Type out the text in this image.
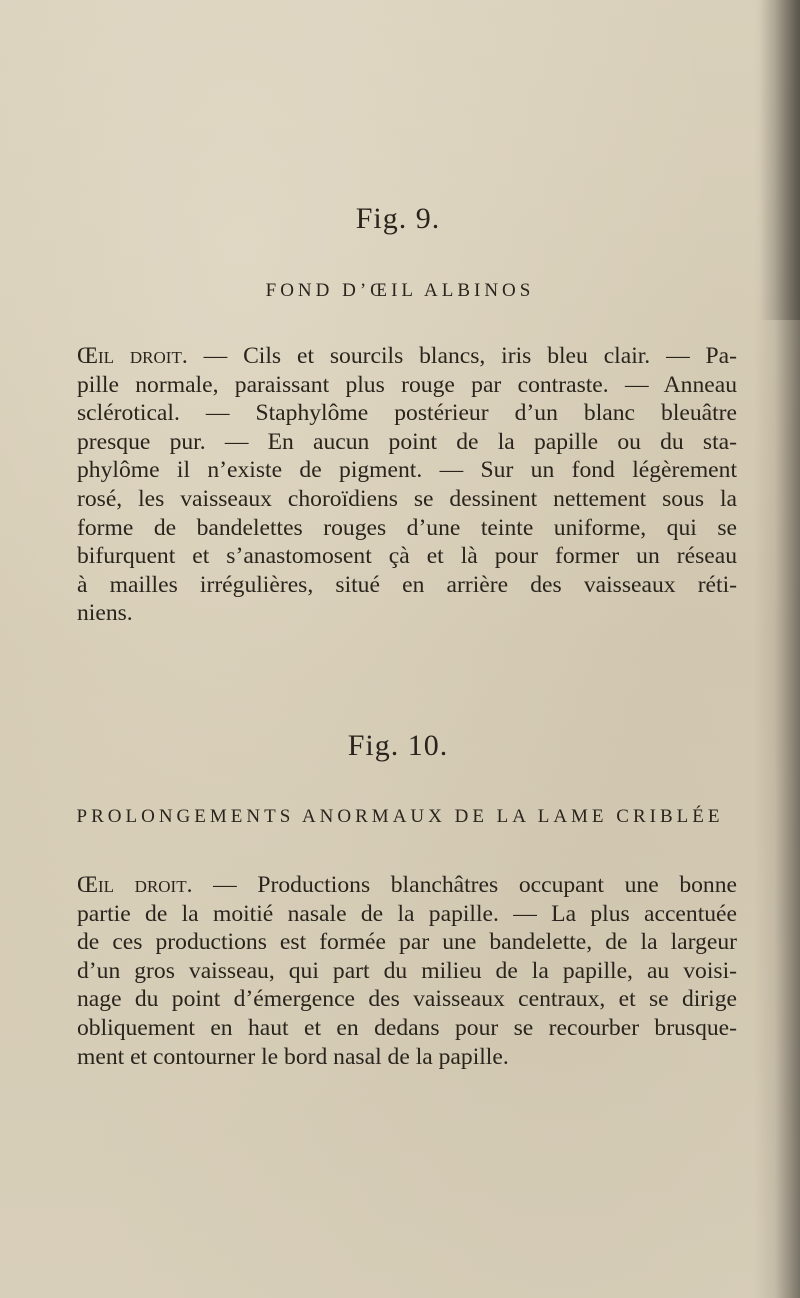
Fig. 9.
FOND D’ŒIL ALBINOS
Œil droit. — Cils et sourcils blancs, iris bleu clair. — Pa-
pille normale, paraissant plus rouge par contraste. — Anneau
sclérotical. — Staphylôme postérieur d’un blanc bleuâtre
presque pur. — En aucun point de la papille ou du sta-
phylôme il n’existe de pigment. — Sur un fond légèrement
rosé, les vaisseaux choroïdiens se dessinent nettement sous la
forme de bandelettes rouges d’une teinte uniforme, qui se
bifurquent et s’anastomosent çà et là pour former un réseau
à mailles irrégulières, situé en arrière des vaisseaux réti-
niens.
Fig. 10.
PROLONGEMENTS ANORMAUX DE LA LAME CRIBLÉE
Œil droit. — Productions blanchâtres occupant une bonne
partie de la moitié nasale de la papille. — La plus accentuée
de ces productions est formée par une bandelette, de la largeur
d’un gros vaisseau, qui part du milieu de la papille, au voisi-
nage du point d’émergence des vaisseaux centraux, et se dirige
obliquement en haut et en dedans pour se recourber brusque-
ment et contourner le bord nasal de la papille.
